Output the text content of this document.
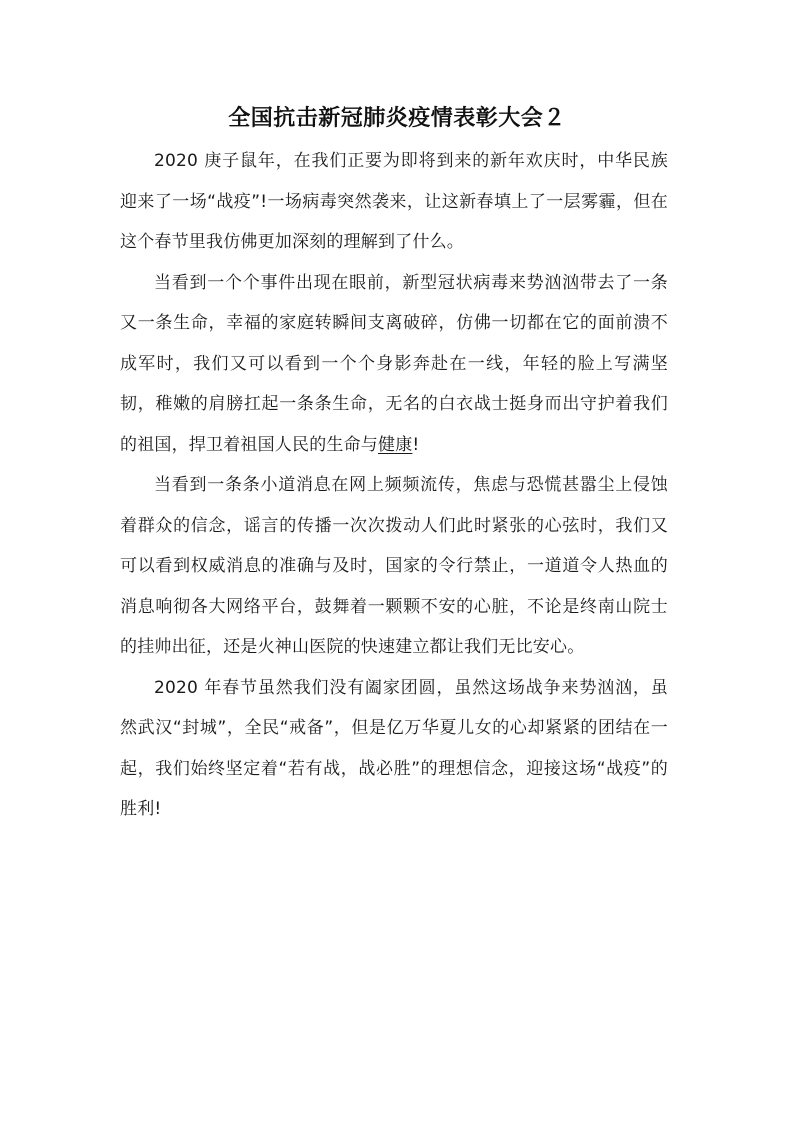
全国抗击新冠肺炎疫情表彰大会２

2020 庚子鼠年，在我们正要为即将到来的新年欢庆时，中华民族迎来了一场“战疫”!一场病毒突然袭来，让这新春填上了一层雾霾，但在这个春节里我仿佛更加深刻的理解到了什么。

当看到一个个事件出现在眼前，新型冠状病毒来势汹汹带去了一条又一条生命，幸福的家庭转瞬间支离破碎，仿佛一切都在它的面前溃不成军时，我们又可以看到一个个身影奔赴在一线，年轻的脸上写满坚韧，稚嫩的肩膀扛起一条条生命，无名的白衣战士挺身而出守护着我们的祖国，捍卫着祖国人民的生命与健康!

当看到一条条小道消息在网上频频流传，焦虑与恐慌甚嚣尘上侵蚀着群众的信念，谣言的传播一次次拨动人们此时紧张的心弦时，我们又可以看到权威消息的准确与及时，国家的令行禁止，一道道令人热血的消息响彻各大网络平台，鼓舞着一颗颗不安的心脏，不论是终南山院士的挂帅出征，还是火神山医院的快速建立都让我们无比安心。

2020 年春节虽然我们没有阖家团圆，虽然这场战争来势汹汹，虽然武汉“封城”，全民“戒备”，但是亿万华夏儿女的心却紧紧的团结在一起，我们始终坚定着“若有战，战必胜”的理想信念，迎接这场“战疫”的胜利!
